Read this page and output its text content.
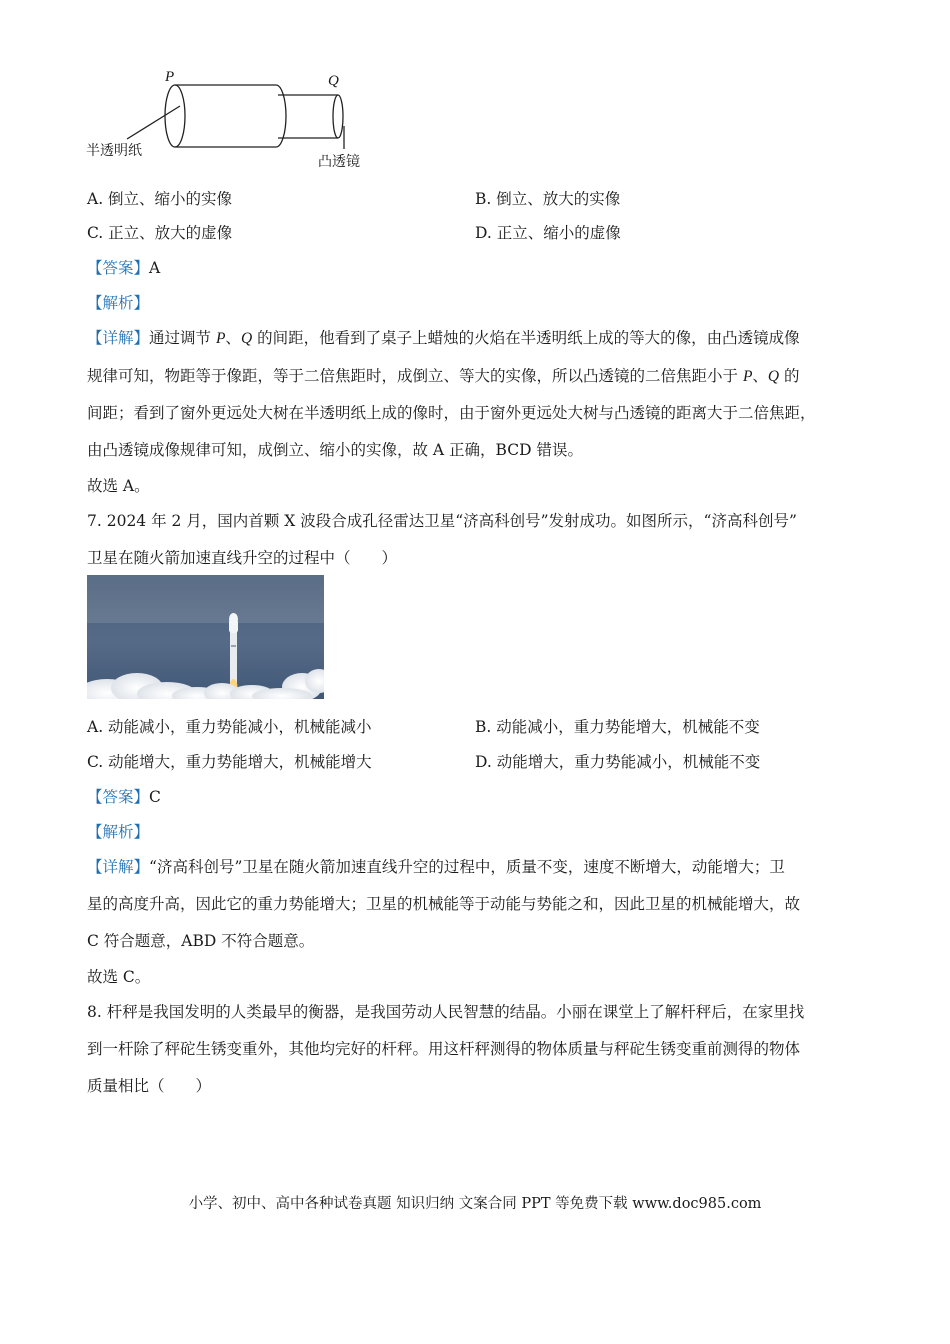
P	Q
半透明纸
凸透镜
A. 倒立、缩小的实像	B. 倒立、放大的实像
C. 正立、放大的虚像	D. 正立、缩小的虚像
【答案】A
【解析】
【详解】通过调节 P、Q 的间距，他看到了桌子上蜡烛的火焰在半透明纸上成的等大的像，由凸透镜成像
规律可知，物距等于像距，等于二倍焦距时，成倒立、等大的实像，所以凸透镜的二倍焦距小于 P、Q 的
间距；看到了窗外更远处大树在半透明纸上成的像时，由于窗外更远处大树与凸透镜的距离大于二倍焦距，
由凸透镜成像规律可知，成倒立、缩小的实像，故 A 正确，BCD 错误。
故选 A。
7. 2024 年 2 月，国内首颗 X 波段合成孔径雷达卫星“济高科创号”发射成功。如图所示，“济高科创号”
卫星在随火箭加速直线升空的过程中（　　）
A. 动能减小，重力势能减小，机械能减小	B. 动能减小，重力势能增大，机械能不变
C. 动能增大，重力势能增大，机械能增大	D. 动能增大，重力势能减小，机械能不变
【答案】C
【解析】
【详解】“济高科创号”卫星在随火箭加速直线升空的过程中，质量不变，速度不断增大，动能增大；卫
星的高度升高，因此它的重力势能增大；卫星的机械能等于动能与势能之和，因此卫星的机械能增大，故
C 符合题意，ABD 不符合题意。
故选 C。
8. 杆秤是我国发明的人类最早的衡器，是我国劳动人民智慧的结晶。小丽在课堂上了解杆秤后，在家里找
到一杆除了秤砣生锈变重外，其他均完好的杆秤。用这杆秤测得的物体质量与秤砣生锈变重前测得的物体
质量相比（　　）
小学、初中、高中各种试卷真题 知识归纳 文案合同 PPT 等免费下载 www.doc985.com
